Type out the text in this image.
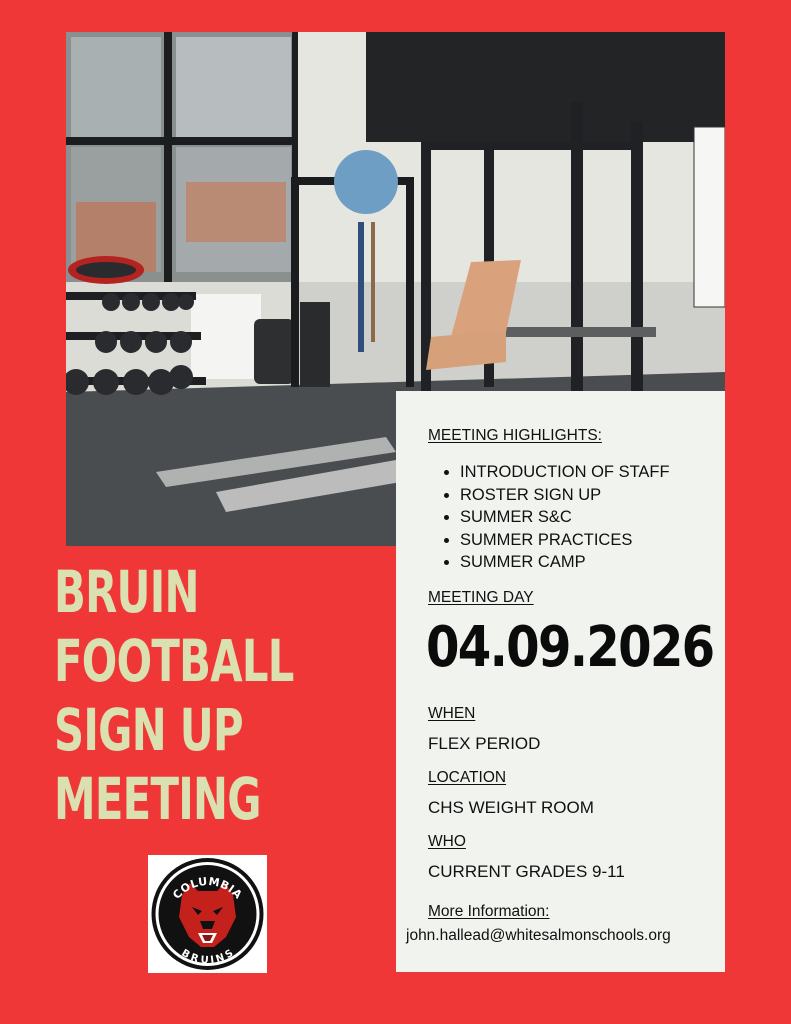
MEETING HIGHLIGHTS:
• INTRODUCTION OF STAFF
• ROSTER SIGN UP
• SUMMER S&C
• SUMMER PRACTICES
• SUMMER CAMP
MEETING DAY
04.09.2026
WHEN
FLEX PERIOD
LOCATION
CHS WEIGHT ROOM
WHO
CURRENT GRADES 9-11
More Information:
john.hallead@whitesalmonschools.org
BRUIN
FOOTBALL
SIGN UP
MEETING
COLUMBIA
BRUINS
